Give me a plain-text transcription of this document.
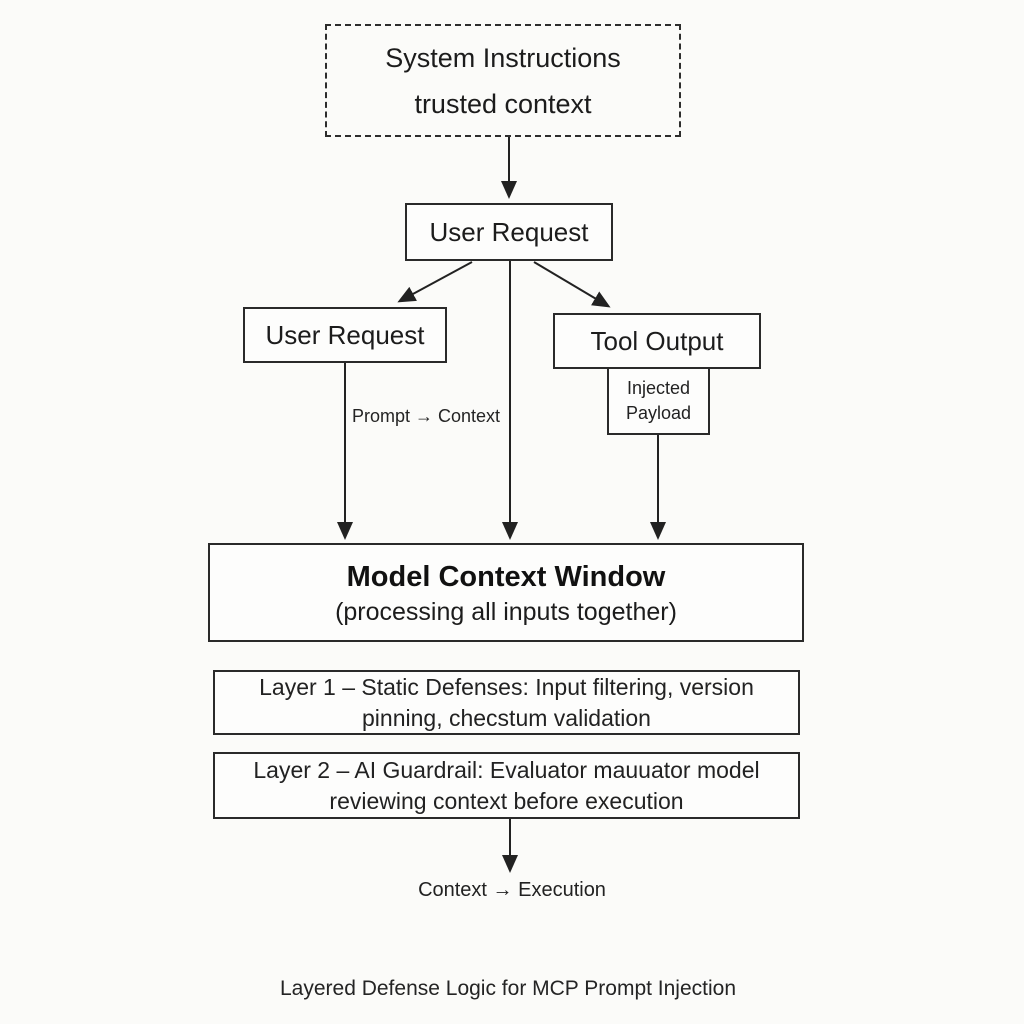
System Instructions
trusted context
User Request
User Request	Tool Output
Injected
Payload
Prompt → Context
Model Context Window
(processing all inputs together)
Layer 1 – Static Defenses: Input filtering, version
pinning, checstum validation
Layer 2 – AI Guardrail: Evaluator mauuator model
reviewing context before execution
Context → Execution
Layered Defense Logic for MCP Prompt Injection
